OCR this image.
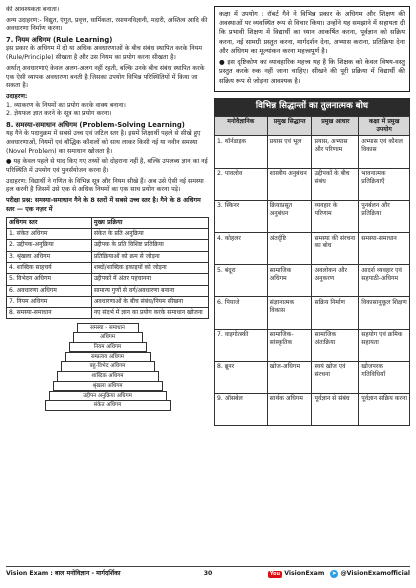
की आवश्यकता बनाता।

अन्य उदाहरण:- विद्युत, एंगुत, प्रवृत्त, धार्मिकता, रसायनविज्ञानी, मदारी, अस्तित्व आदि की अवधारणा निर्माण करना।

7. नियम अधिगम (Rule Learning)

इस प्रकार के अधिगम में दो या अधिक अवधारणाओं के बीच संबंध स्थापित करके नियम (Rule/Principle) सीखता है और उस नियम का प्रयोग करना सीखता है।

अर्थात् अवधारणाएं केवल अलग-अलग नहीं रहती, बल्कि उनके बीच संबंध स्थापित करके एक ऐसी व्यापक अवधारणा बनती है जिसका उपयोग विभिन्न परिस्थितियों में किया जा सकता है।

उदाहरण:
1. व्याकरण के नियमों का प्रयोग करके वाक्य बनाना।
2. ज्ञेयफल ज्ञात करने के सूत्र का प्रयोग करना।
8. समस्या-समाधान अधिगम (Problem-Solving Learning)

यह गैने के पदानुक्रम में सबसे उच्च एवं जटिल स्तर है। इसमें शिक्षार्थी पहले से सीखे हुए अवधारणाओं, नियमों एवं बौद्धिक कौशलों को साथ लाकर किसी नई या नवीन समस्या (Novel Problem) का समाधान खोजता है।

● यह केवल पहले से याद किए गए तथ्यों को दोहराना नहीं है, बल्कि उपलब्ध ज्ञान का नई परिस्थिति में उपयोग एवं पुनर्संयोजन करना है।

उदाहरण: विद्यार्थी ने गणित के विभिन्न सूत्र और नियम सीखे हैं। अब उसे ऐसी नई समस्या हल करनी है जिसमें उसे एक से अधिक नियमों का एक साथ प्रयोग करना पड़े।

परीक्षा प्रश्न: समस्या-समाधान गैने के 8 स्तरों में सबसे उच्च स्तर है। गैने के 8 अधिगम स्तर — एक नज़र में

अधिगम स्तर	मुख्य प्रक्रिया
1. संकेत अधिगम	संकेत के प्रति अनुक्रिया
2. उद्दीपक-अनुक्रिया	उद्दीपक के प्रति विशिष्ट प्रतिक्रिया
3. श्रृंखला अधिगम	प्रतिक्रियाओं को क्रम से जोड़ना
4. शाब्दिक साहचर्य	शब्दों/शाब्दिक इकाइयों को जोड़ना
5. विभेदन अधिगम	उद्दीपकों में अंतर पहचानना
6. अवधारणा अधिगम	सामान्य गुणों से वर्ग/अवधारणा बनाना
7. नियम अधिगम	अवधारणाओं के बीच संबंध/नियम सीखना
8. समस्या-समाधान	नए संदर्भ में ज्ञान का प्रयोग करके समाधान खोजना
समस्या - समाधान
अधिगम
नियम अधिगम
सम्प्रत्यय अधिगम
बहु-विभेद अधिगम
शाब्दिक अधिगम
श्रृंखला अधिगम
उद्दीपन अनुक्रिया अधिगम
संकेत अधिगम

कक्षा में उपयोग : रॉबर्ट गैने ने विभिन्न प्रकार के अधिगम और शिक्षण की अवस्थाओं पर व्यवस्थित रूप से विचार किया। उन्होंने यह समझाने में सहायता दी कि प्रभावी शिक्षण में विद्यार्थी का ध्यान आकर्षित करना, पूर्वज्ञान को सक्रिय करना, नई सामग्री प्रस्तुत करना, मार्गदर्शन देना, अभ्यास कराना, प्रतिक्रिया देना और अधिगम का मूल्यांकन करना महत्त्वपूर्ण है।

● इस दृष्टिकोण का व्यावहारिक महत्त्व यह है कि शिक्षक को केवल विषय-वस्तु प्रस्तुत करके रुक नहीं जाना चाहिए। सीखने की पूरी प्रक्रिया में विद्यार्थी की सक्रिय रूप से जोड़ना आवश्यक है।

विभिन्न सिद्धान्तों का तुलनात्मक बोध
मनोवैज्ञानिक	प्रमुख सिद्धान्त	प्रमुख आधार	कक्षा में प्रमुख उपयोग
1. थॉर्नडाइक	प्रयास एवं भूल	प्रयास, अभ्यास और परिणाम	अभ्यास एवं कौशल विकास
2. पावलोव	शास्त्रीय अनुबंधन	उद्दीपकों के बीच संबंध	भावनात्मक प्रतिक्रियाएँ
3. स्किनर	क्रियाप्रसूत अनुबंधन	व्यवहार के परिणाम	पुनर्बलन और प्रतिक्रिया
4. कोहलर	अंतर्दृष्टि	समस्या की संरचना का बोध	समस्या-समाधान
5. बंदूरा	सामाजिक अधिगम	अवलोकन और अनुकरण	आदर्श व्यवहार एवं सहपाठी-अधिगम
6. पियाजे	संज्ञानात्मक विकास	सक्रिय निर्माण	विकासानुकूल शिक्षण
7. वाइगोत्स्की	सामाजिक-सांस्कृतिक	सामाजिक अंतःक्रिया	सहयोग एवं क्रमिक सहायता
8. ब्रूनर	खोज-अधिगम	स्वयं खोज एवं संरचना	खोजपरक गतिविधियाँ
9. ऑसबेल	सार्थक अधिगम	पूर्वज्ञान से संबंध	पूर्वज्ञान सक्रिय करना
Vision Exam : बाल मनोविज्ञान - मार्गदर्शिका	30	You VisionExam ➤ @VisionExamofficial
